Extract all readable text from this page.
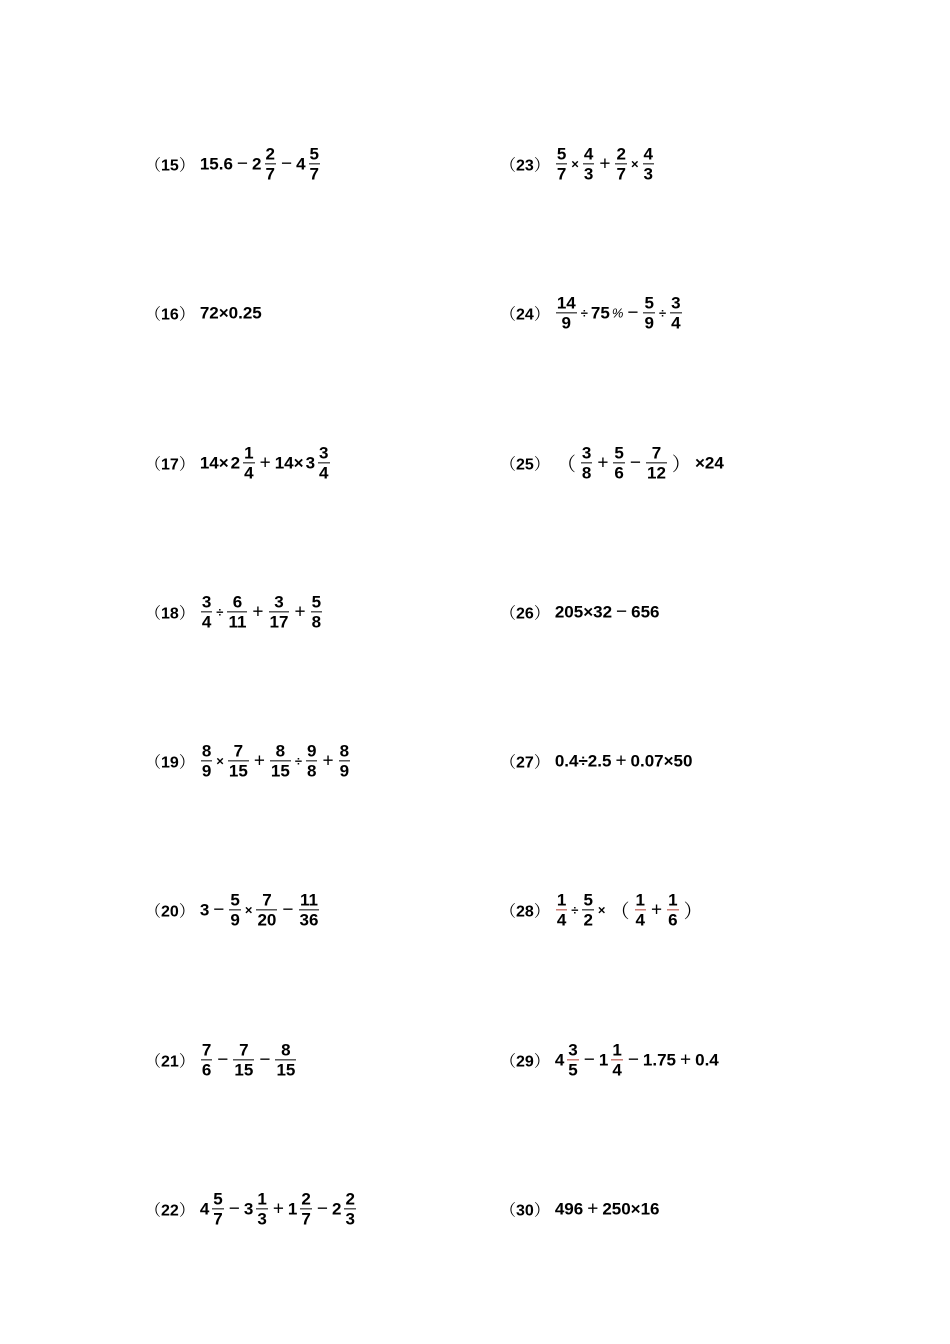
（15） $15.6 - 2 \frac{2}{7} - 4 \frac{5}{7}$
（16） 72×0.25
（17） $14\times 2 \frac{1}{4} + 14\times 3 \frac{3}{4}$
$(18) \frac{3}{4} \div \frac{6}{11} + \frac{3}{17} + \frac{5}{8}$
$(19) \frac{8}{9} \times \frac{7}{15} + \frac{8}{15} \div \frac{9}{8} + \frac{8}{9}$
（20） $3 - \frac{5}{9} \times \frac{7}{20} - \frac{11}{36}$
$(21) \frac{7}{6} - \frac{7}{15} - \frac{8}{15}$
（22） $4 \frac{5}{7} - 3 \frac{1}{3} + 1 \frac{2}{7} - 2 \frac{2}{3}$
$(23) \frac{5}{7} \times \frac{4}{3} + \frac{2}{7} \times \frac{4}{3}$
$(24) \frac{14}{9} \div 75$ % − $\frac{5}{9} \div \frac{3}{4}$
（25） （ $\frac{3}{8} + \frac{5}{6} - \frac{7}{12}$ ） ×24
（26） 205×32 − 656
（27） 0.4÷2.5 + 0.07×50
$(28) \frac{1}{4} \div \frac{5}{2}$ × （ $\frac{1}{4} + \frac{1}{6}$ ）
（29） $4 \frac{3}{5} - 1 \frac{1}{4} - 1.75 + 0.4$
（30） 496 + 250×16
